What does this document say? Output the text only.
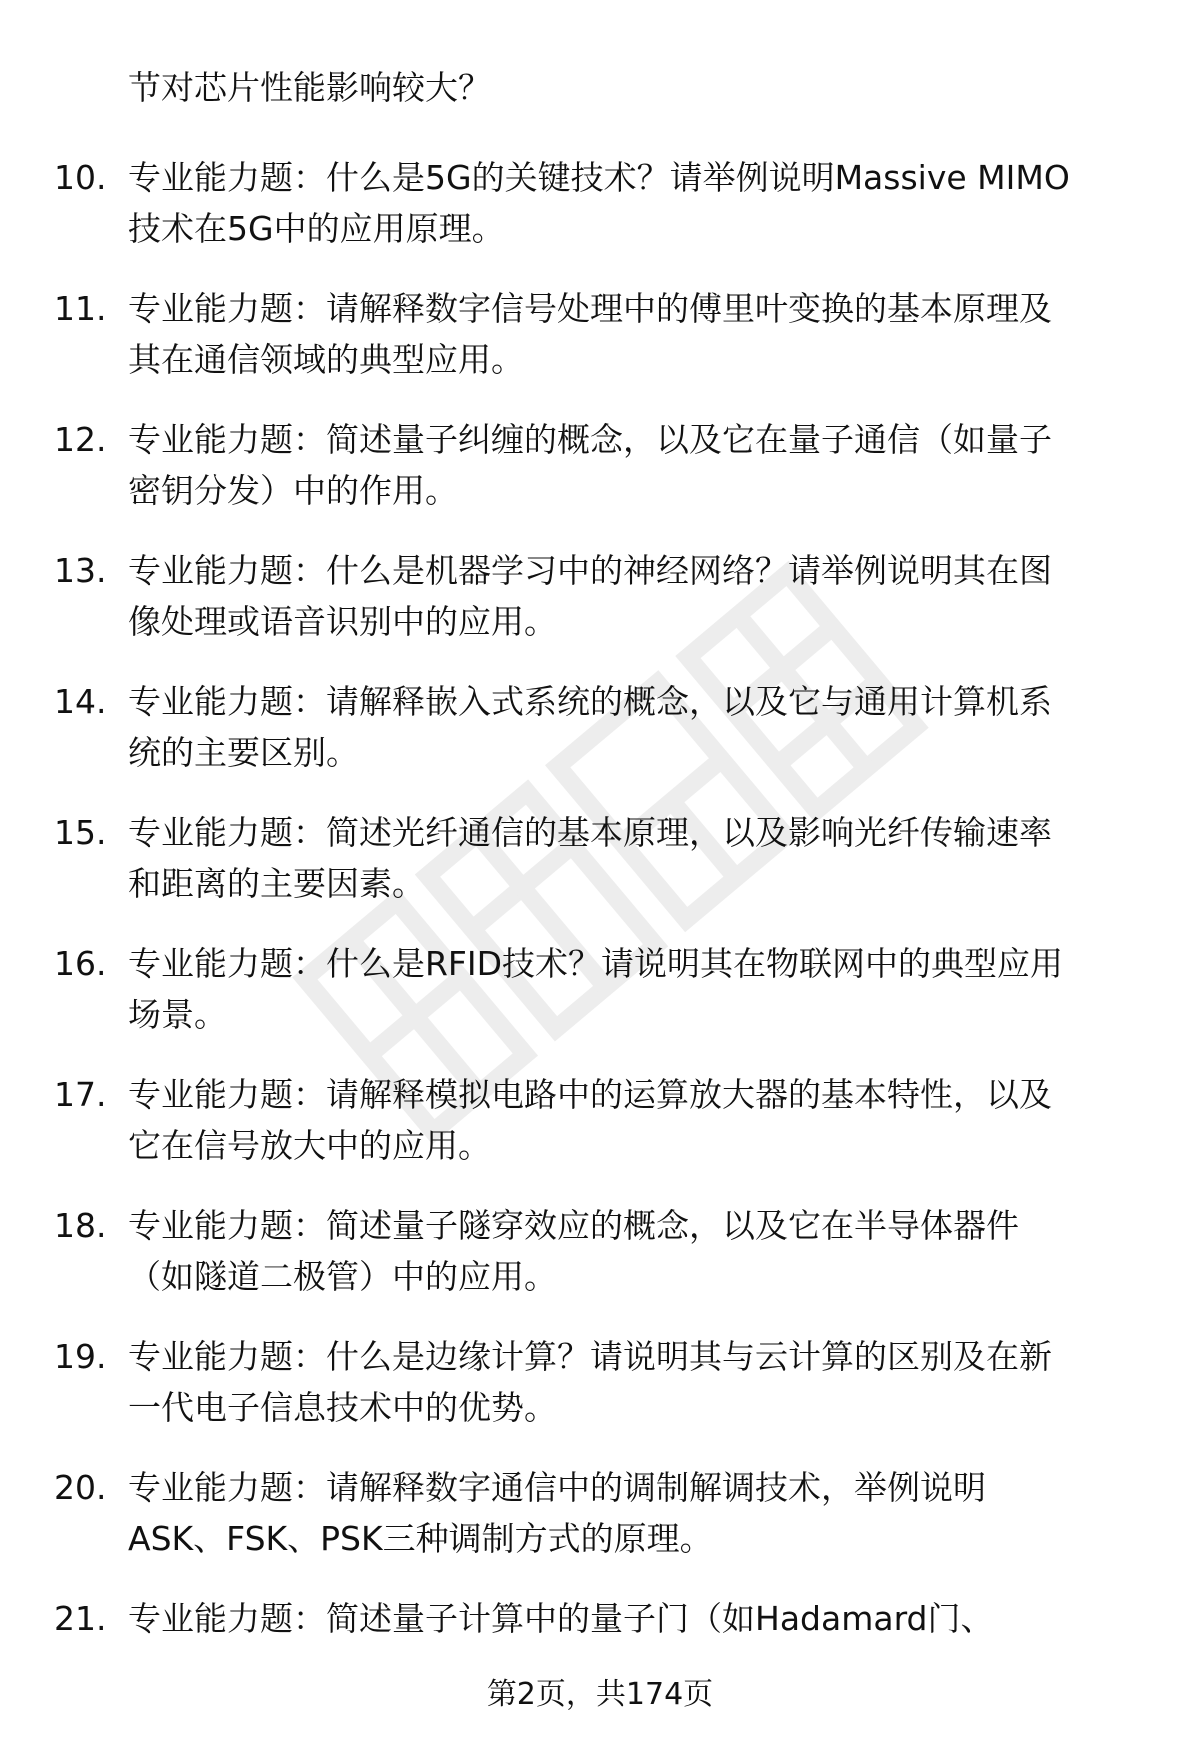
节对芯片性能影响较大？
10. 专业能力题：什么是5G的关键技术？请举例说明Massive MIMO
技术在5G中的应用原理。
11. 专业能力题：请解释数字信号处理中的傅里叶变换的基本原理及
其在通信领域的典型应用。
12. 专业能力题：简述量子纠缠的概念，以及它在量子通信（如量子
密钥分发）中的作用。
13. 专业能力题：什么是机器学习中的神经网络？请举例说明其在图
像处理或语音识别中的应用。
14. 专业能力题：请解释嵌入式系统的概念，以及它与通用计算机系
统的主要区别。
15. 专业能力题：简述光纤通信的基本原理，以及影响光纤传输速率
和距离的主要因素。
16. 专业能力题：什么是RFID技术？请说明其在物联网中的典型应用
场景。
17. 专业能力题：请解释模拟电路中的运算放大器的基本特性，以及
它在信号放大中的应用。
18. 专业能力题：简述量子隧穿效应的概念，以及它在半导体器件
（如隧道二极管）中的应用。
19. 专业能力题：什么是边缘计算？请说明其与云计算的区别及在新
一代电子信息技术中的优势。
20. 专业能力题：请解释数字通信中的调制解调技术，举例说明
ASK、FSK、PSK三种调制方式的原理。
21. 专业能力题：简述量子计算中的量子门（如Hadamard门、
第2页，共174页
